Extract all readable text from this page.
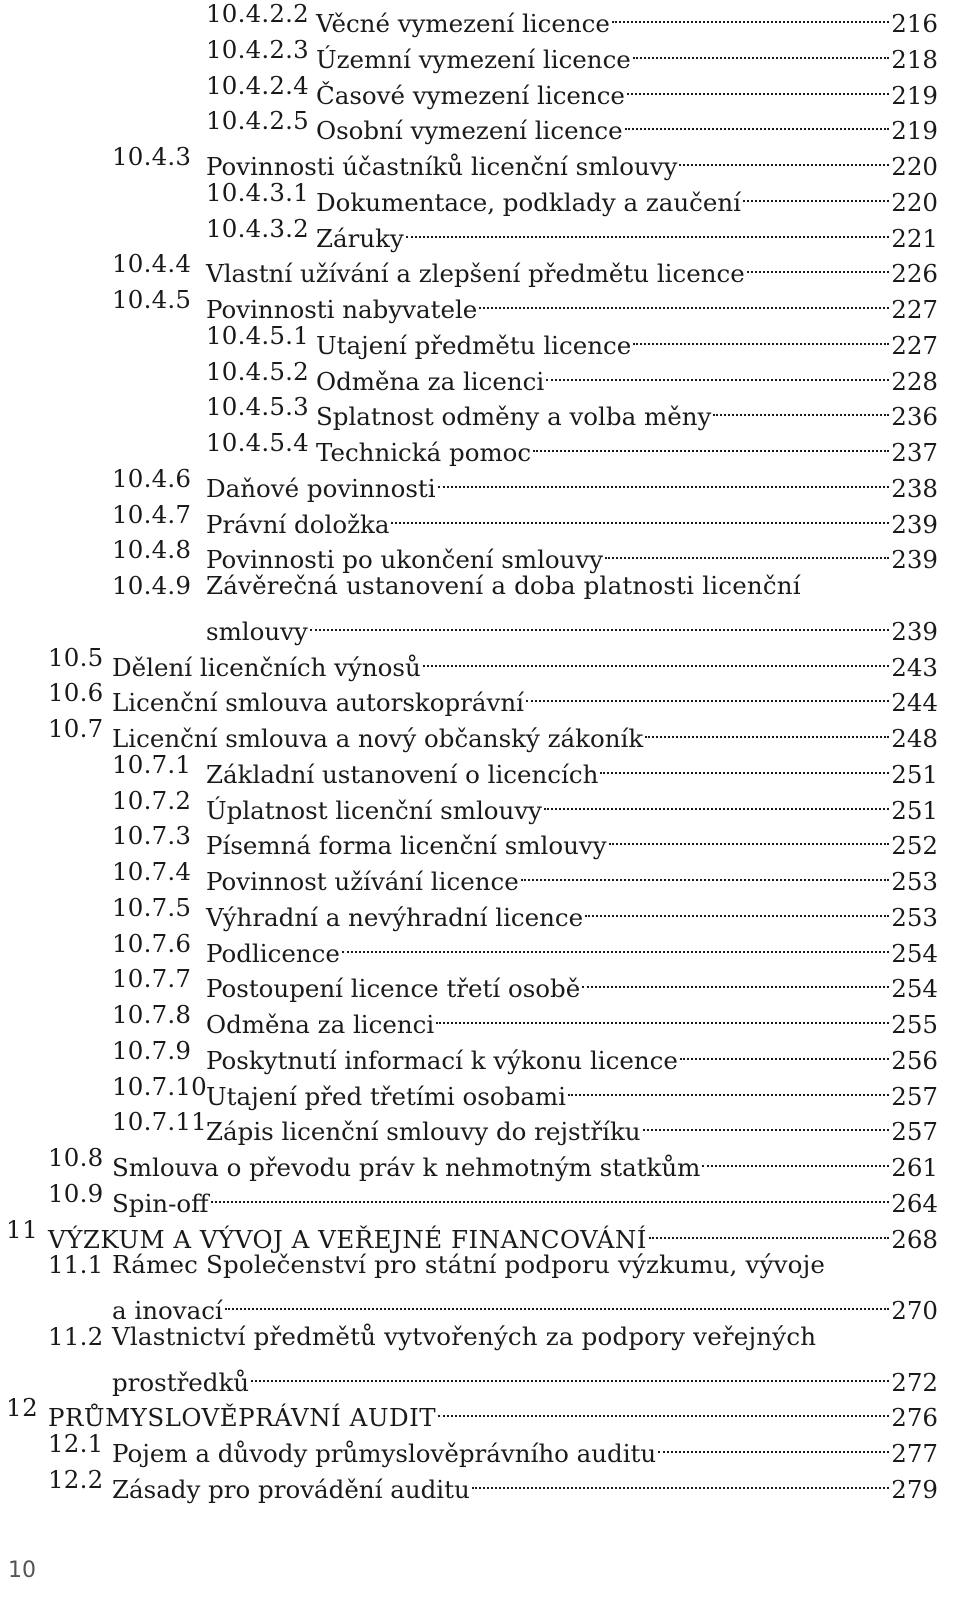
10.4.2.2 Věcné vymezení licence	216
10.4.2.3 Územní vymezení licence	218
10.4.2.4 Časové vymezení licence	219
10.4.2.5 Osobní vymezení licence	219
10.4.3 Povinnosti účastníků licenční smlouvy	220
10.4.3.1 Dokumentace, podklady a zaučení	220
10.4.3.2 Záruky	221
10.4.4 Vlastní užívání a zlepšení předmětu licence	226
10.4.5 Povinnosti nabyvatele	227
10.4.5.1 Utajení předmětu licence	227
10.4.5.2 Odměna za licenci	228
10.4.5.3 Splatnost odměny a volba měny	236
10.4.5.4 Technická pomoc	237
10.4.6 Daňové povinnosti	238
10.4.7 Právní doložka	239
10.4.8 Povinnosti po ukončení smlouvy	239
10.4.9 Závěrečná ustanovení a doba platnosti licenční
smlouvy	239
10.5 Dělení licenčních výnosů	243
10.6 Licenční smlouva autorskoprávní	244
10.7 Licenční smlouva a nový občanský zákoník	248
10.7.1 Základní ustanovení o licencích	251
10.7.2 Úplatnost licenční smlouvy	251
10.7.3 Písemná forma licenční smlouvy	252
10.7.4 Povinnost užívání licence	253
10.7.5 Výhradní a nevýhradní licence	253
10.7.6 Podlicence	254
10.7.7 Postoupení licence třetí osobě	254
10.7.8 Odměna za licenci	255
10.7.9 Poskytnutí informací k výkonu licence	256
10.7.10 Utajení před třetími osobami	257
10.7.11 Zápis licenční smlouvy do rejstříku	257
10.8 Smlouva o převodu práv k nehmotným statkům	261
10.9 Spin-off	264
11 VÝZKUM A VÝVOJ A VEŘEJNÉ FINANCOVÁNÍ	268
11.1 Rámec Společenství pro státní podporu výzkumu, vývoje
a inovací	270
11.2 Vlastnictví předmětů vytvořených za podpory veřejných
prostředků	272
12 PRŮMYSLOVĚPRÁVNÍ AUDIT	276
12.1 Pojem a důvody průmyslověprávního auditu	277
12.2 Zásady pro provádění auditu	279
10
